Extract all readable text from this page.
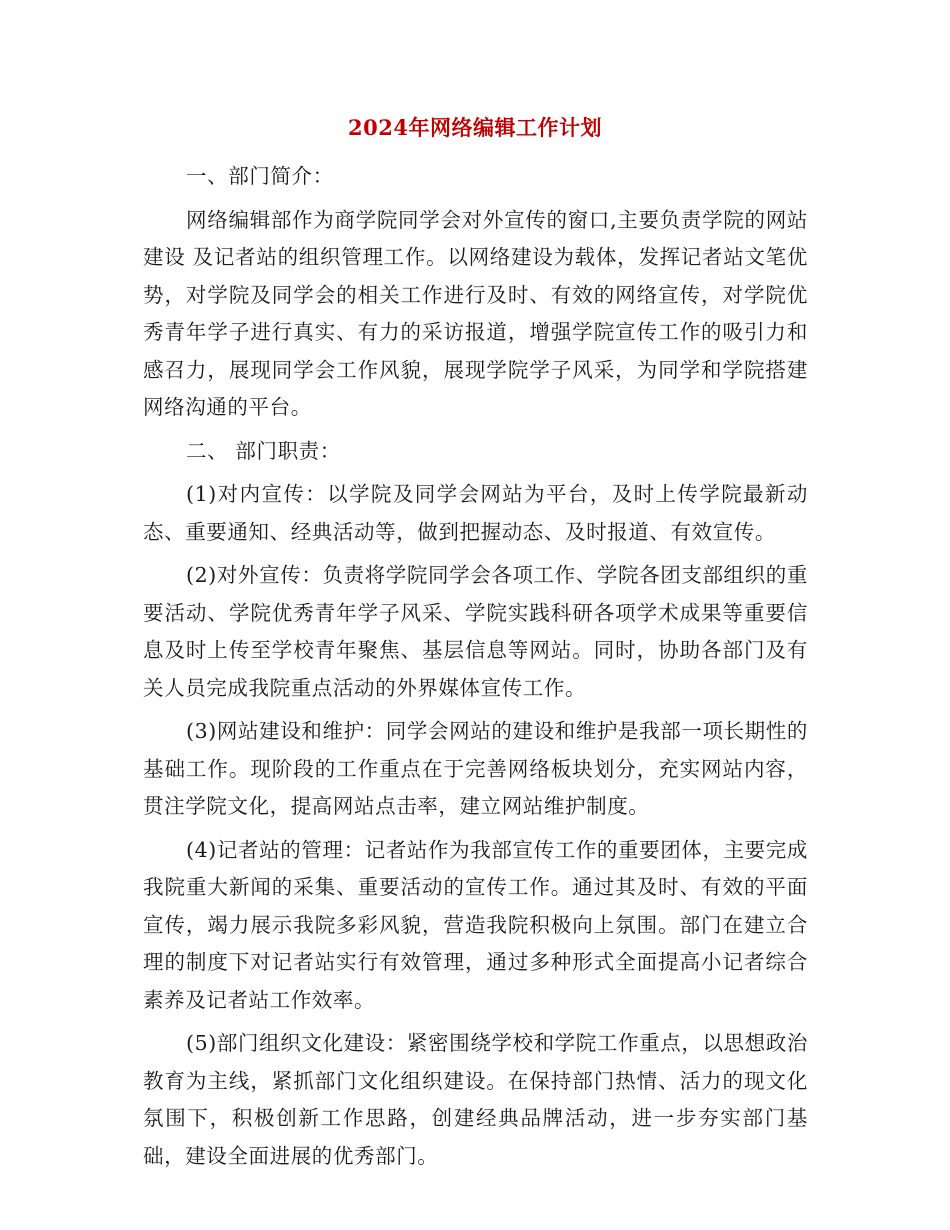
2024年网络编辑工作计划

一、部门简介：

网络编辑部作为商学院同学会对外宣传的窗口,主要负责学院的网站建设 及记者站的组织管理工作。以网络建设为载体，发挥记者站文笔优势，对学院及同学会的相关工作进行及时、有效的网络宣传，对学院优秀青年学子进行真实、有力的采访报道，增强学院宣传工作的吸引力和感召力，展现同学会工作风貌，展现学院学子风采，为同学和学院搭建网络沟通的平台。

二、 部门职责：

(1)对内宣传：以学院及同学会网站为平台，及时上传学院最新动态、重要通知、经典活动等，做到把握动态、及时报道、有效宣传。

(2)对外宣传：负责将学院同学会各项工作、学院各团支部组织的重要活动、学院优秀青年学子风采、学院实践科研各项学术成果等重要信息及时上传至学校青年聚焦、基层信息等网站。同时，协助各部门及有关人员完成我院重点活动的外界媒体宣传工作。

(3)网站建设和维护：同学会网站的建设和维护是我部一项长期性的基础工作。现阶段的工作重点在于完善网络板块划分，充实网站内容，贯注学院文化，提高网站点击率，建立网站维护制度。

(4)记者站的管理：记者站作为我部宣传工作的重要团体，主要完成我院重大新闻的采集、重要活动的宣传工作。通过其及时、有效的平面宣传，竭力展示我院多彩风貌，营造我院积极向上氛围。部门在建立合理的制度下对记者站实行有效管理，通过多种形式全面提高小记者综合素养及记者站工作效率。

(5)部门组织文化建设：紧密围绕学校和学院工作重点，以思想政治教育为主线，紧抓部门文化组织建设。在保持部门热情、活力的现文化氛围下，积极创新工作思路，创建经典品牌活动，进一步夯实部门基础，建设全面进展的优秀部门。
